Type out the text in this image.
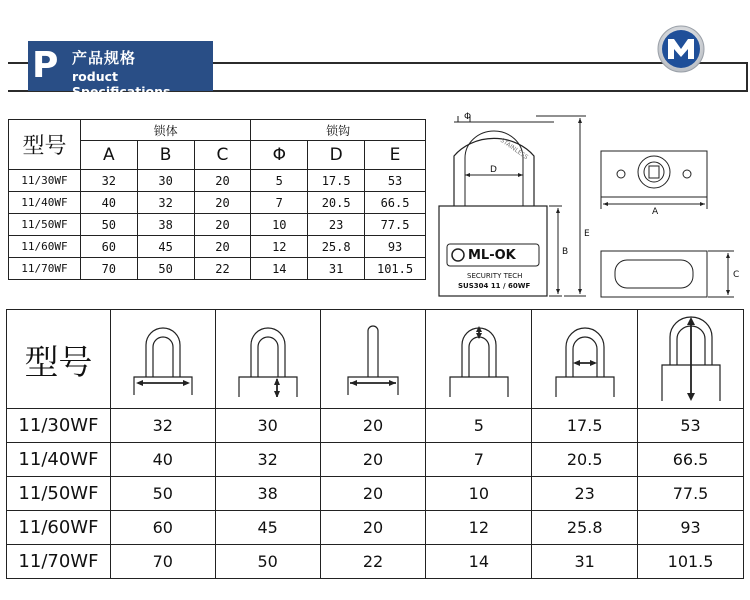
P 产品规格
roduct Specifications
型号	锁体			锁钩		
	A	B	C	Φ	D	E
11/30WF	32	30	20	5	17.5	53
11/40WF	40	32	20	7	20.5	66.5
11/50WF	50	38	20	10	23	77.5
11/60WF	60	45	20	12	25.8	93
11/70WF	70	50	22	14	31	101.5
Φ
D
B
E
A
C
ML-OK
SECURITY TECH
SUS304 11 / 60WF
STAINLESS
型号						
11/30WF	32	30	20	5	17.5	53
11/40WF	40	32	20	7	20.5	66.5
11/50WF	50	38	20	10	23	77.5
11/60WF	60	45	20	12	25.8	93
11/70WF	70	50	22	14	31	101.5
